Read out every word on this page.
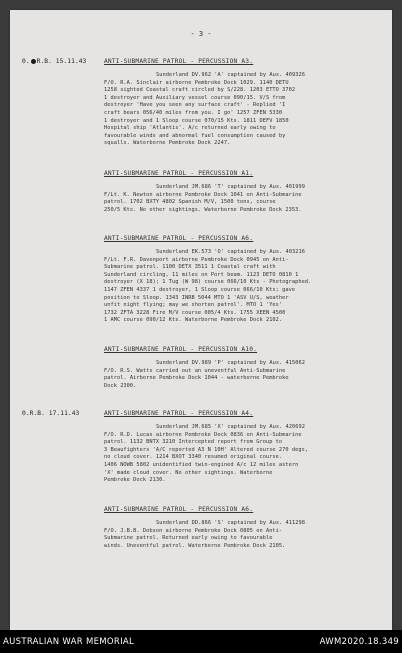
- 3 -
0. R.B. 15.11.43	ANTI-SUBMARINE PATROL - PERCUSSION A3.

Sunderland DV.962 'A' captained by Aus. 409326

F/O. R.A. Sinclair airborne Pembroke Dock 1029. 1140 DETU

1258 sighted Coastal craft circled by S/228. 1203 ETTO 3702

1 destroyer and Auxiliary vessel course 090/15. V/S from

destroyer 'Have you seen any surface craft' - Replied 'I

craft bears 056/40 miles from you. I go' 1257 ZFEN 5330

1 destroyer and 1 Sloop course 070/15 Kts. 1811 DEFV 1850

Hospital ship 'Atlantis'. A/c returned early owing to

favourable winds and abnormal fuel consumption caused by

squalls. Waterborne Pembroke Dock 2247.

ANTI-SUBMARINE PATROL - PERCUSSION A1.

Sunderland JM.686 'T' captained by Aus. 401999

F/Lt. K. Newton airborne Pembroke Dock 1041 on Anti-Submarine

patrol. 1702 BXTY 4802 Spanish M/V, 1500 tons, course

250/5 Kts. No other sightings. Waterborne Pembroke Dock 2353.

ANTI-SUBMARINE PATROL - PERCUSSION A6.

Sunderland EK.573 'O' captained by Aus. 403216

F/Lt. F.R. Davenport airborne Pembroke Dock 0945 on Anti-

Submarine patrol. 1100 DETX 3511 1 Coastal craft with

Sunderland circling, 11 miles on Port beam. 1123 DETO 0810 1

destroyer (X 18); 1 Tug (W 98) course 066/10 Kts - Photographed.

1147 ZFEN 4337 1 destroyer, 1 Sloop course 066/10 Kts; gave

position to Sloop. 1343 INRB 5044 MTO 1 'ASV U/S, weather

unfit night flying; may we shorten patrol'. MTO 1 'Yes'

1732 ZFTA 3228 Fire M/V course 005/4 Kts. 1755 XEEN 4500

1 AMC course 090/12 Kts. Waterborne Pembroke Dock 2102.

ANTI-SUBMARINE PATROL - PERCUSSION A10.

Sunderland DV.989 'P' captained by Aus. 415062

F/O. R.S. Watts carried out an uneventful Anti-Submarine

patrol. Airborne Pembroke Dock 1044 - waterborne Pembroke

Dock 2300.

0.R.B. 17.11.43	ANTI-SUBMARINE PATROL - PERCUSSION A4.

Sunderland JM.685 'X' captained by Aus. 420692

F/O. R.D. Lucas airborne Pembroke Dock 0836 on Anti-Submarine

patrol. 1132 BNTX 3210 Intercepted report from Group to

3 Beaufighters 'A/C reported A3 N 10H' Altered course 270 degs,

no cloud cover. 1214 BXOT 3340 resumed original course.

1406 NOWB 5802 unidentified twin-engined A/c 12 miles astern

'X' made cloud cover. No other sightings. Waterborne

Pembroke Dock 2130.

ANTI-SUBMARINE PATROL - PERCUSSION A6.

Sunderland DD.866 'S' captained by Aus. 411298

F/O. J.B.B. Dobson airborne Pembroke Dock 0805 on Anti-

Submarine patrol. Returned early owing to favourable

winds. Uneventful patrol. Waterborne Pembroke Dock 2105.

AUSTRALIAN WAR MEMORIAL	AWM2020.18.349
